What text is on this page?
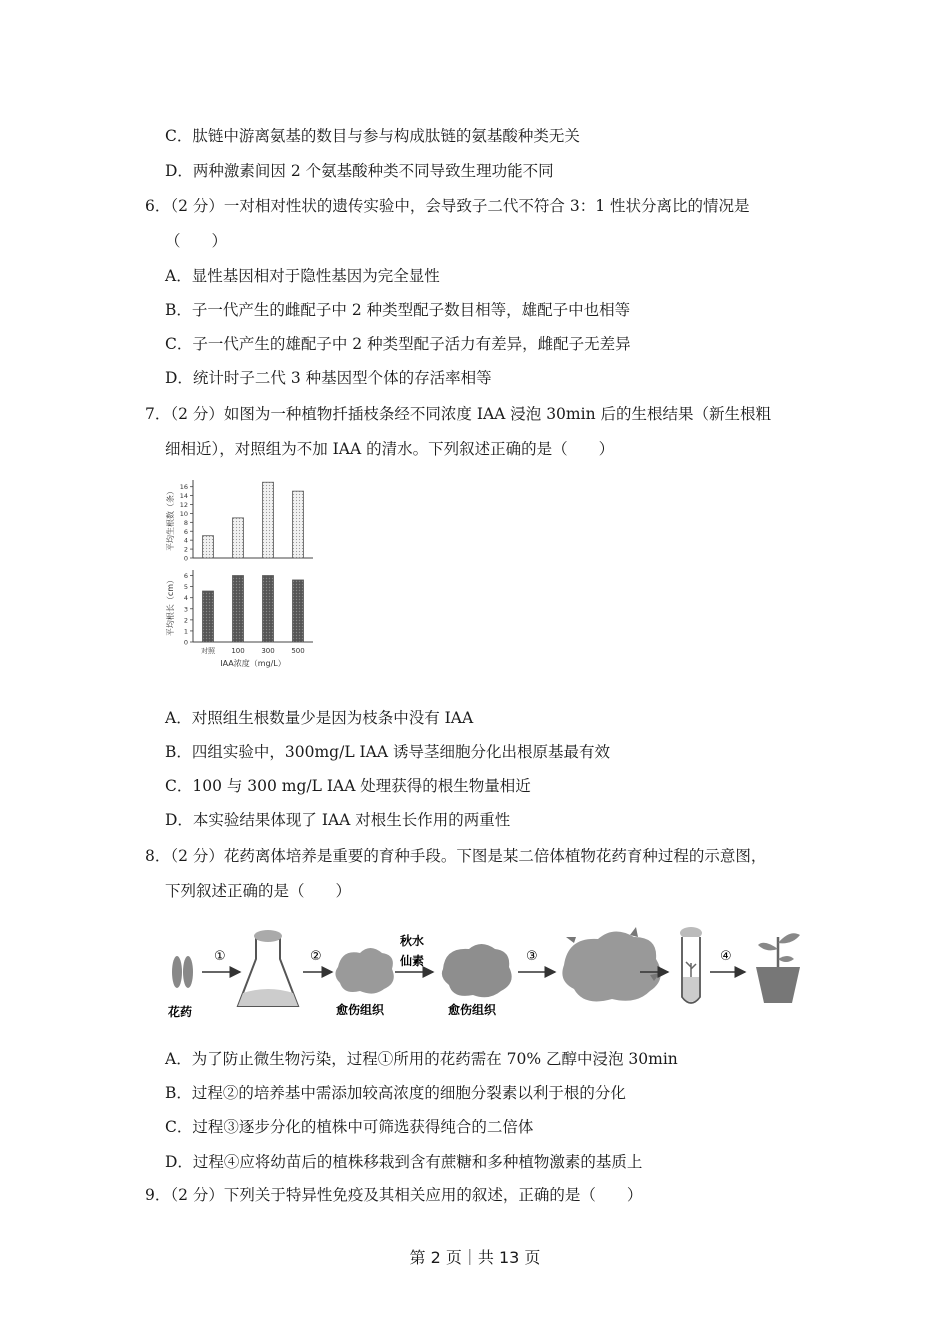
C．肽链中游离氨基的数目与参与构成肽链的氨基酸种类无关
D．两种激素间因 2 个氨基酸种类不同导致生理功能不同
6．（2 分）一对相对性状的遗传实验中，会导致子二代不符合 3：1 性状分离比的情况是
（　　）
A．显性基因相对于隐性基因为完全显性
B．子一代产生的雌配子中 2 种类型配子数目相等，雄配子中也相等
C．子一代产生的雄配子中 2 种类型配子活力有差异，雌配子无差异
D．统计时子二代 3 种基因型个体的存活率相等
7．（2 分）如图为一种植物扦插枝条经不同浓度 IAA 浸泡 30min 后的生根结果（新生根粗
细相近），对照组为不加 IAA 的清水。下列叙述正确的是（　　）
0
2
4
6
8
10
12
14
16
平均生根数（条）
0
1
2
3
4
5
6
平均根长（cm）
对照 100 300 500
IAA浓度（mg/L）
A．对照组生根数量少是因为枝条中没有 IAA
B．四组实验中，300mg/L IAA 诱导茎细胞分化出根原基最有效
C．100 与 300 mg/L IAA 处理获得的根生物量相近
D．本实验结果体现了 IAA 对根生长作用的两重性
8．（2 分）花药离体培养是重要的育种手段。下图是某二倍体植物花药育种过程的示意图，
下列叙述正确的是（　　）
花药
①	②
愈伤组织
秋水
仙素
愈伤组织
③	④
A．为了防止微生物污染，过程①所用的花药需在 70% 乙醇中浸泡 30min
B．过程②的培养基中需添加较高浓度的细胞分裂素以利于根的分化
C．过程③逐步分化的植株中可筛选获得纯合的二倍体
D．过程④应将幼苗后的植株移栽到含有蔗糖和多种植物激素的基质上
9．（2 分）下列关于特异性免疫及其相关应用的叙述，正确的是（　　）
第 2 页｜共 13 页
